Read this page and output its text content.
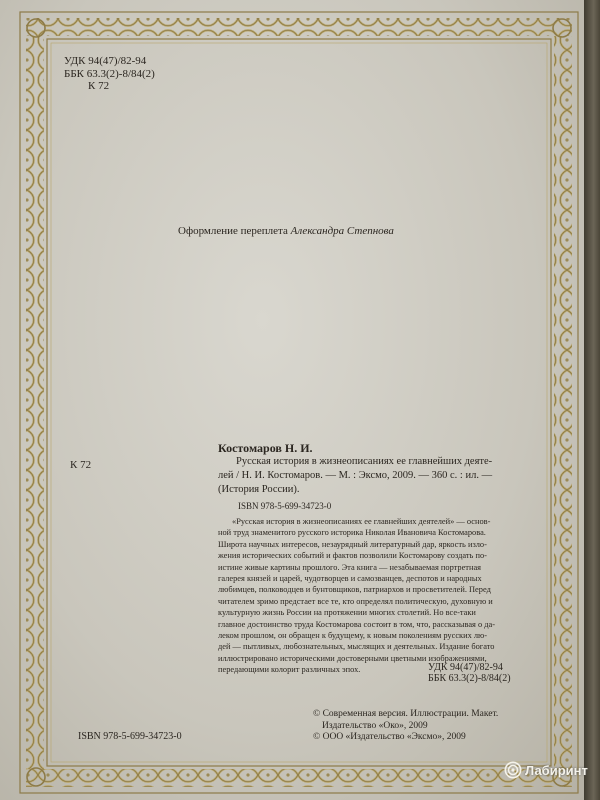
УДК 94(47)/82-94
ББК 63.3(2)-8/84(2)
К 72
Оформление переплета Александра Степнова
К 72
Костомаров Н. И.

Русская история в жизнеописаниях ее главнейших деяте-

лей / Н. И. Костомаров. — М. : Эксмо, 2009. — 360 с. : ил. —

(История России).

ISBN 978-5-699-34723-0

«Русская история в жизнеописаниях ее главнейших деятелей» — основ-

ной труд знаменитого русского историка Николая Ивановича Костомарова.

Широта научных интересов, незаурядный литературный дар, яркость изло-

жения исторических событий и фактов позволили Костомарову создать по-

истине живые картины прошлого. Эта книга — незабываемая портретная

галерея князей и царей, чудотворцев и самозванцев, деспотов и народных

любимцев, полководцев и бунтовщиков, патриархов и просветителей. Перед

читателем зримо предстает все те, кто определял политическую, духовную и

культурную жизнь России на протяжении многих столетий. Но все-таки

главное достоинство труда Костомарова состоит в том, что, рассказывая о да-

леком прошлом, он обращен к будущему, к новым поколениям русских лю-

дей — пытливых, любознательных, мыслящих и деятельных. Издание богато

иллюстрировано историческими достоверными цветными изображениями,

передающими колорит различных эпох.	УДК 94(47)/82-94
ББК 63.3(2)-8/84(2)
© Современная версия. Иллюстрации. Макет.
Издательство «Око», 2009
© ООО «Издательство «Эксмо», 2009
ISBN 978-5-699-34723-0
Лабиринт
